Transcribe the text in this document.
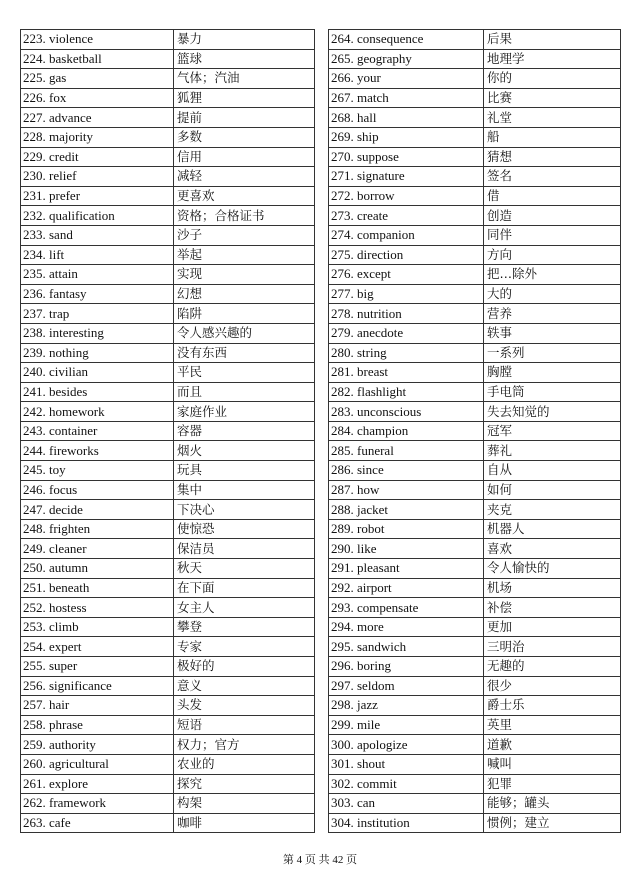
223. violence	暴力
224. basketball	篮球
225. gas	气体；汽油
226. fox	狐狸
227. advance	提前
228. majority	多数
229. credit	信用
230. relief	减轻
231. prefer	更喜欢
232. qualification	资格；合格证书
233. sand	沙子
234. lift	举起
235. attain	实现
236. fantasy	幻想
237. trap	陷阱
238. interesting	令人感兴趣的
239. nothing	没有东西
240. civilian	平民
241. besides	而且
242. homework	家庭作业
243. container	容器
244. fireworks	烟火
245. toy	玩具
246. focus	集中
247. decide	下决心
248. frighten	使惊恐
249. cleaner	保洁员
250. autumn	秋天
251. beneath	在下面
252. hostess	女主人
253. climb	攀登
254. expert	专家
255. super	极好的
256. significance	意义
257. hair	头发
258. phrase	短语
259. authority	权力；官方
260. agricultural	农业的
261. explore	探究
262. framework	构架
263. cafe	咖啡
264. consequence	后果
265. geography	地理学
266. your	你的
267. match	比赛
268. hall	礼堂
269. ship	船
270. suppose	猜想
271. signature	签名
272. borrow	借
273. create	创造
274. companion	同伴
275. direction	方向
276. except	把…除外
277. big	大的
278. nutrition	营养
279. anecdote	轶事
280. string	一系列
281. breast	胸膛
282. flashlight	手电筒
283. unconscious	失去知觉的
284. champion	冠军
285. funeral	葬礼
286. since	自从
287. how	如何
288. jacket	夹克
289. robot	机器人
290. like	喜欢
291. pleasant	令人愉快的
292. airport	机场
293. compensate	补偿
294. more	更加
295. sandwich	三明治
296. boring	无趣的
297. seldom	很少
298. jazz	爵士乐
299. mile	英里
300. apologize	道歉
301. shout	喊叫
302. commit	犯罪
303. can	能够；罐头
304. institution	惯例；建立
第 4 页 共 42 页
